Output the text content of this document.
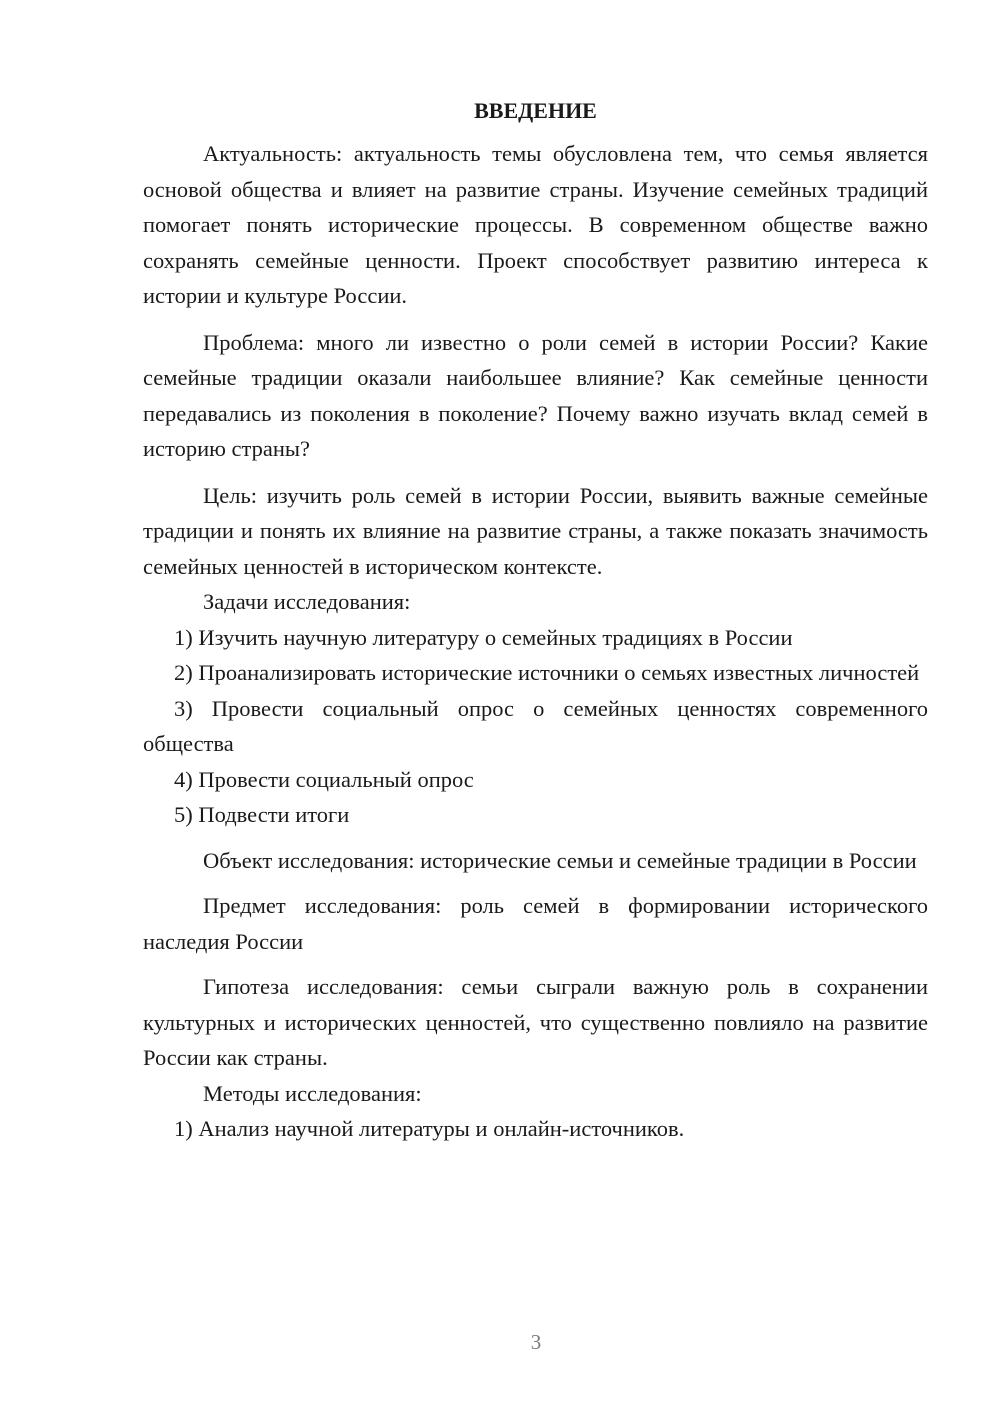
ВВЕДЕНИЕ

Актуальность: актуальность темы обусловлена тем, что семья является основой общества и влияет на развитие страны. Изучение семейных традиций помогает понять исторические процессы. В современном обществе важно сохранять семейные ценности. Проект способствует развитию интереса к истории и культуре России.

Проблема: много ли известно о роли семей в истории России? Какие семейные традиции оказали наибольшее влияние? Как семейные ценности передавались из поколения в поколение? Почему важно изучать вклад семей в историю страны?

Цель: изучить роль семей в истории России, выявить важные семейные традиции и понять их влияние на развитие страны, а также показать значимость семейных ценностей в историческом контексте.

Задачи исследования:

1) Изучить научную литературу о семейных традициях в России

2) Проанализировать исторические источники о семьях известных личностей

3) Провести социальный опрос о семейных ценностях современного общества

4) Провести социальный опрос

5) Подвести итоги

Объект исследования: исторические семьи и семейные традиции в России

Предмет исследования: роль семей в формировании исторического наследия России

Гипотеза исследования: семьи сыграли важную роль в сохранении культурных и исторических ценностей, что существенно повлияло на развитие России как страны.

Методы исследования:

1) Анализ научной литературы и онлайн-источников.

3
